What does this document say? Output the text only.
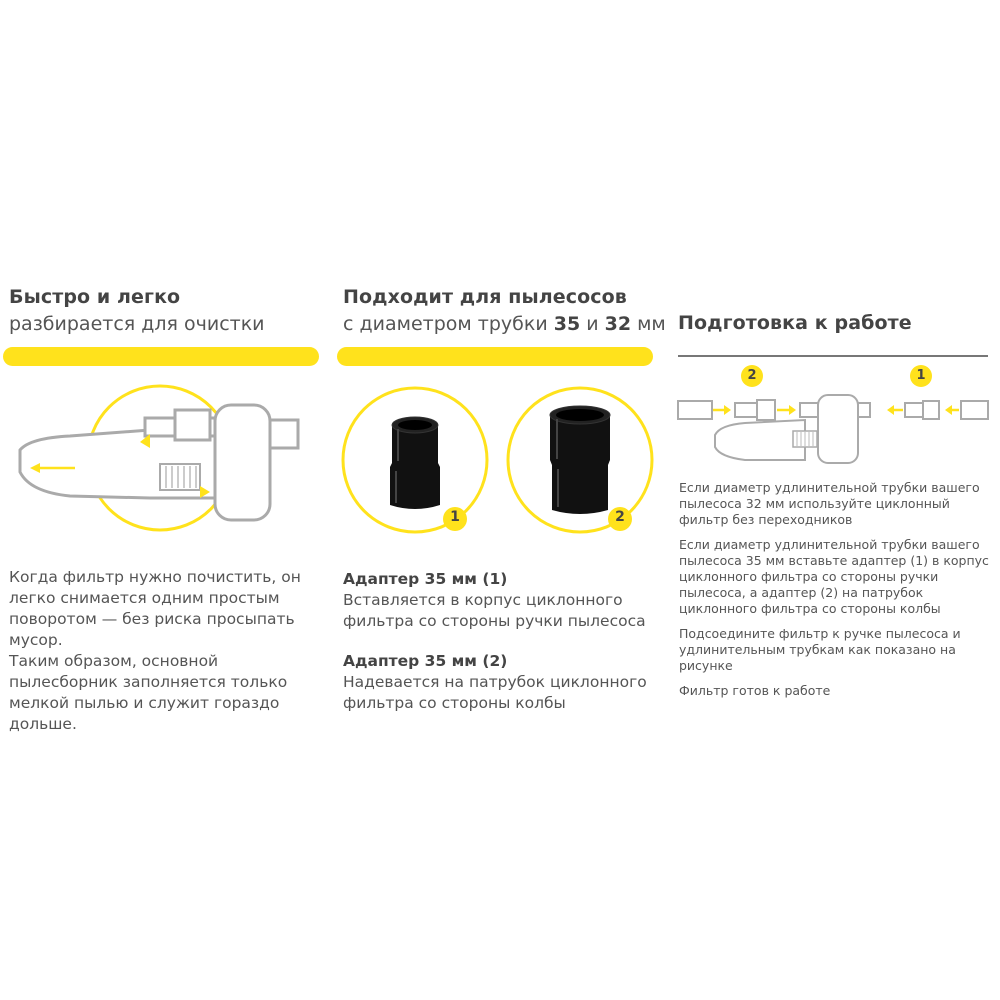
Быстро и легко
разбирается для очистки
Когда фильтр нужно почистить, он легко снимается одним простым поворотом — без риска просыпать мусор.
Таким образом, основной пылесборник заполняется только мелкой пылью и служит гораздо дольше.
Подходит для пылесосов
с диаметром трубки 35 и 32 мм
1	2
Адаптер 35 мм (1)
Вставляется в корпус циклонного фильтра со стороны ручки пылесоса
Адаптер 35 мм (2)
Надевается на патрубок циклонного фильтра со стороны колбы
Подготовка к работе
2	1
Если диаметр удлинительной трубки вашего пылесоса 32 мм используйте циклонный фильтр без переходников
Если диаметр удлинительной трубки вашего пылесоса 35 мм вставьте адаптер (1) в корпус циклонного фильтра со стороны ручки пылесоса, а адаптер (2) на патрубок циклонного фильтра со стороны колбы
Подсоедините фильтр к ручке пылесоса и удлинительным трубкам как показано на рисунке
Фильтр готов к работе
